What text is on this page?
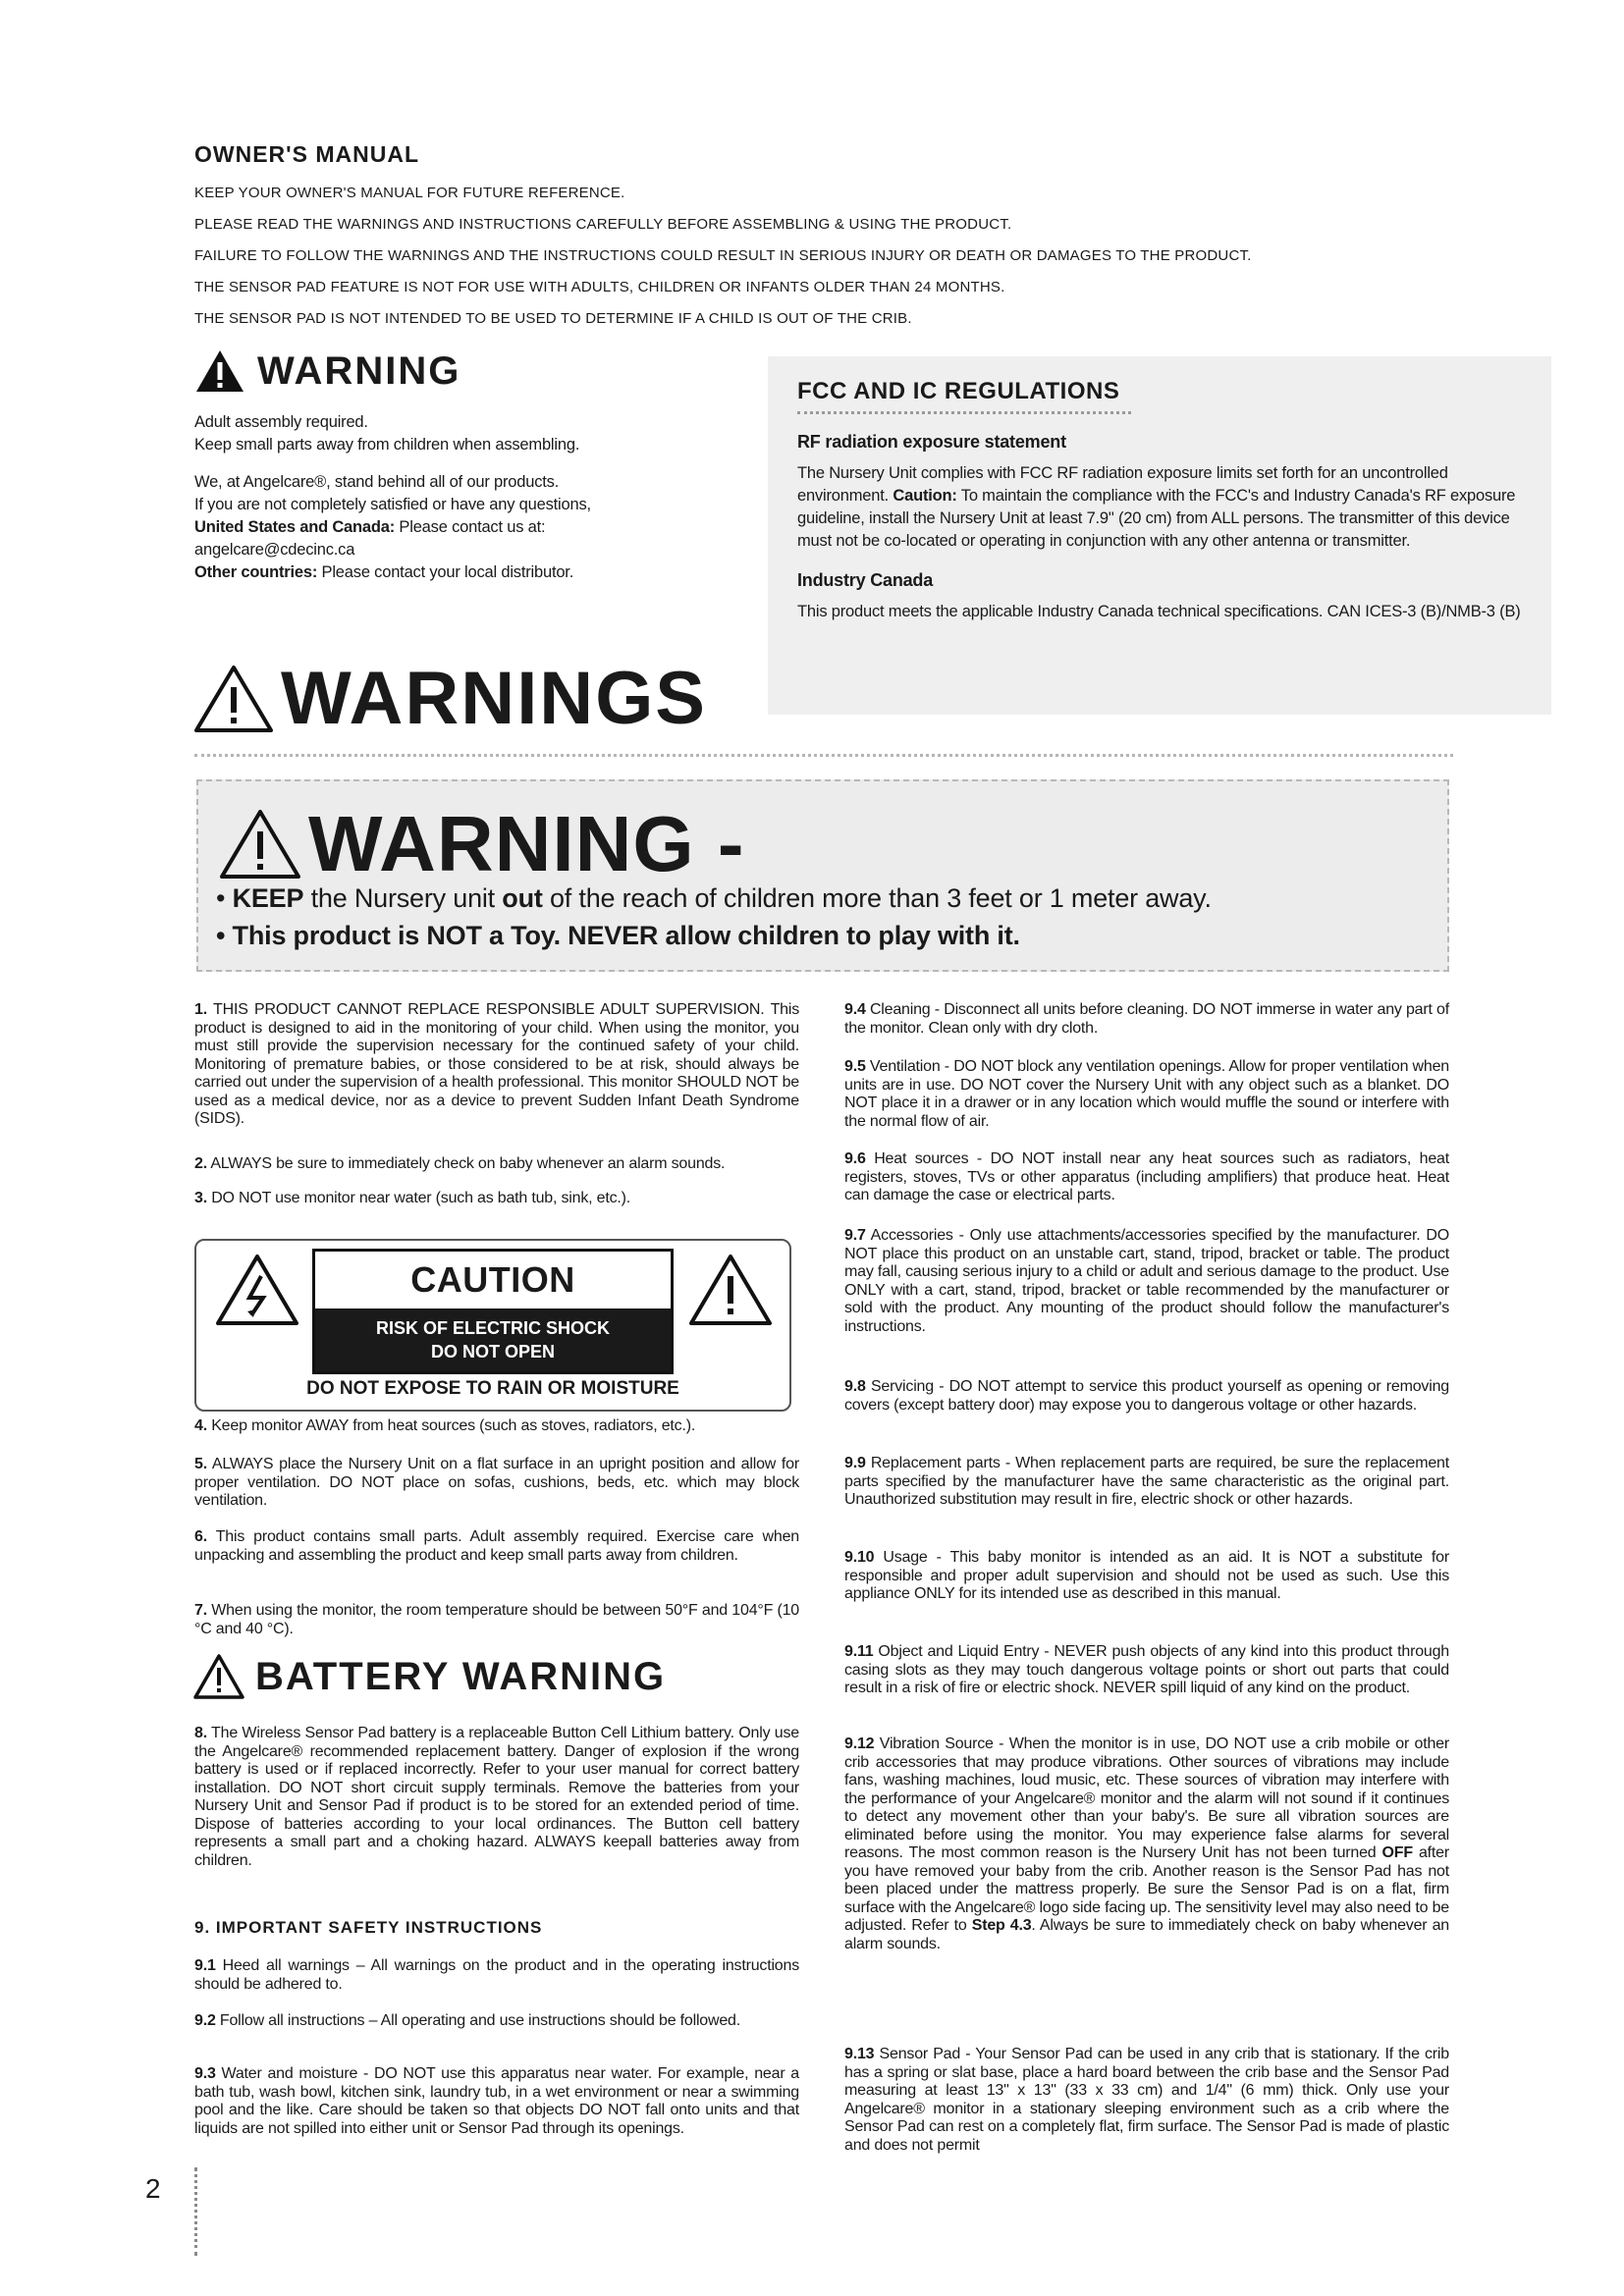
OWNER'S MANUAL
KEEP YOUR OWNER'S MANUAL FOR FUTURE REFERENCE.
PLEASE READ THE WARNINGS AND INSTRUCTIONS CAREFULLY BEFORE ASSEMBLING & USING THE PRODUCT.
FAILURE TO FOLLOW THE WARNINGS AND THE INSTRUCTIONS COULD RESULT IN SERIOUS INJURY OR DEATH OR DAMAGES TO THE PRODUCT.
THE SENSOR PAD FEATURE IS NOT FOR USE WITH ADULTS, CHILDREN OR INFANTS OLDER THAN 24 MONTHS.
THE SENSOR PAD IS NOT INTENDED TO BE USED TO DETERMINE IF A CHILD IS OUT OF THE CRIB.
WARNING

Adult assembly required.
Keep small parts away from children when assembling.

We, at Angelcare®, stand behind all of our products.
If you are not completely satisfied or have any questions,
United States and Canada: Please contact us at:
angelcare@cdecinc.ca
Other countries: Please contact your local distributor.

FCC AND IC REGULATIONS
RF radiation exposure statement
The Nursery Unit complies with FCC RF radiation exposure limits set forth for an uncontrolled environment. Caution: To maintain the compliance with the FCC's and Industry Canada's RF exposure guideline, install the Nursery Unit at least 7.9" (20 cm) from ALL persons. The transmitter of this device must not be co-located or operating in conjunction with any other antenna or transmitter.
Industry Canada
This product meets the applicable Industry Canada technical specifications. CAN ICES-3 (B)/NMB-3 (B)
WARNINGS
WARNING -
• KEEP the Nursery unit out of the reach of children more than 3 feet or 1 meter away.
• This product is NOT a Toy. NEVER allow children to play with it.

1. THIS PRODUCT CANNOT REPLACE RESPONSIBLE ADULT SUPERVISION. This product is designed to aid in the monitoring of your child. When using the monitor, you must still provide the supervision necessary for the continued safety of your child. Monitoring of premature babies, or those considered to be at risk, should always be carried out under the supervision of a health professional. This monitor SHOULD NOT be used as a medical device, nor as a device to prevent Sudden Infant Death Syndrome (SIDS).

2. ALWAYS be sure to immediately check on baby whenever an alarm sounds.

3. DO NOT use monitor near water (such as bath tub, sink, etc.).

CAUTION
RISK OF ELECTRIC SHOCK
DO NOT OPEN
DO NOT EXPOSE TO RAIN OR MOISTURE

4. Keep monitor AWAY from heat sources (such as stoves, radiators, etc.).

5. ALWAYS place the Nursery Unit on a flat surface in an upright position and allow for proper ventilation. DO NOT place on sofas, cushions, beds, etc. which may block ventilation.

6. This product contains small parts. Adult assembly required. Exercise care when unpacking and assembling the product and keep small parts away from children.

7. When using the monitor, the room temperature should be between 50°F and 104°F (10 °C and 40 °C).

BATTERY WARNING

8. The Wireless Sensor Pad battery is a replaceable Button Cell Lithium battery. Only use the Angelcare® recommended replacement battery. Danger of explosion if the wrong battery is used or if replaced incorrectly. Refer to your user manual for correct battery installation. DO NOT short circuit supply terminals. Remove the batteries from your Nursery Unit and Sensor Pad if product is to be stored for an extended period of time. Dispose of batteries according to your local ordinances. The Button cell battery represents a small part and a choking hazard. ALWAYS keepall batteries away from children.

9. IMPORTANT SAFETY INSTRUCTIONS

9.1 Heed all warnings – All warnings on the product and in the operating instructions should be adhered to.

9.2 Follow all instructions – All operating and use instructions should be followed.

9.3 Water and moisture - DO NOT use this apparatus near water. For example, near a bath tub, wash bowl, kitchen sink, laundry tub, in a wet environment or near a swimming pool and the like. Care should be taken so that objects DO NOT fall onto units and that liquids are not spilled into either unit or Sensor Pad through its openings.

9.4 Cleaning - Disconnect all units before cleaning. DO NOT immerse in water any part of the monitor. Clean only with dry cloth.

9.5 Ventilation - DO NOT block any ventilation openings. Allow for proper ventilation when units are in use. DO NOT cover the Nursery Unit with any object such as a blanket. DO NOT place it in a drawer or in any location which would muffle the sound or interfere with the normal flow of air.

9.6 Heat sources - DO NOT install near any heat sources such as radiators, heat registers, stoves, TVs or other apparatus (including amplifiers) that produce heat. Heat can damage the case or electrical parts.

9.7 Accessories - Only use attachments/accessories specified by the manufacturer. DO NOT place this product on an unstable cart, stand, tripod, bracket or table. The product may fall, causing serious injury to a child or adult and serious damage to the product. Use ONLY with a cart, stand, tripod, bracket or table recommended by the manufacturer or sold with the product. Any mounting of the product should follow the manufacturer's instructions.

9.8 Servicing - DO NOT attempt to service this product yourself as opening or removing covers (except battery door) may expose you to dangerous voltage or other hazards.

9.9 Replacement parts - When replacement parts are required, be sure the replacement parts specified by the manufacturer have the same characteristic as the original part. Unauthorized substitution may result in fire, electric shock or other hazards.

9.10 Usage - This baby monitor is intended as an aid. It is NOT a substitute for responsible and proper adult supervision and should not be used as such. Use this appliance ONLY for its intended use as described in this manual.

9.11 Object and Liquid Entry - NEVER push objects of any kind into this product through casing slots as they may touch dangerous voltage points or short out parts that could result in a risk of fire or electric shock. NEVER spill liquid of any kind on the product.

9.12 Vibration Source - When the monitor is in use, DO NOT use a crib mobile or other crib accessories that may produce vibrations. Other sources of vibrations may include fans, washing machines, loud music, etc. These sources of vibration may interfere with the performance of your Angelcare® monitor and the alarm will not sound if it continues to detect any movement other than your baby's. Be sure all vibration sources are eliminated before using the monitor. You may experience false alarms for several reasons. The most common reason is the Nursery Unit has not been turned OFF after you have removed your baby from the crib. Another reason is the Sensor Pad has not been placed under the mattress properly. Be sure the Sensor Pad is on a flat, firm surface with the Angelcare® logo side facing up. The sensitivity level may also need to be adjusted. Refer to Step 4.3. Always be sure to immediately check on baby whenever an alarm sounds.

9.13 Sensor Pad - Your Sensor Pad can be used in any crib that is stationary. If the crib has a spring or slat base, place a hard board between the crib base and the Sensor Pad measuring at least 13" x 13" (33 x 33 cm) and 1/4" (6 mm) thick. Only use your Angelcare® monitor in a stationary sleeping environment such as a crib where the Sensor Pad can rest on a completely flat, firm surface. The Sensor Pad is made of plastic and does not permit

2
